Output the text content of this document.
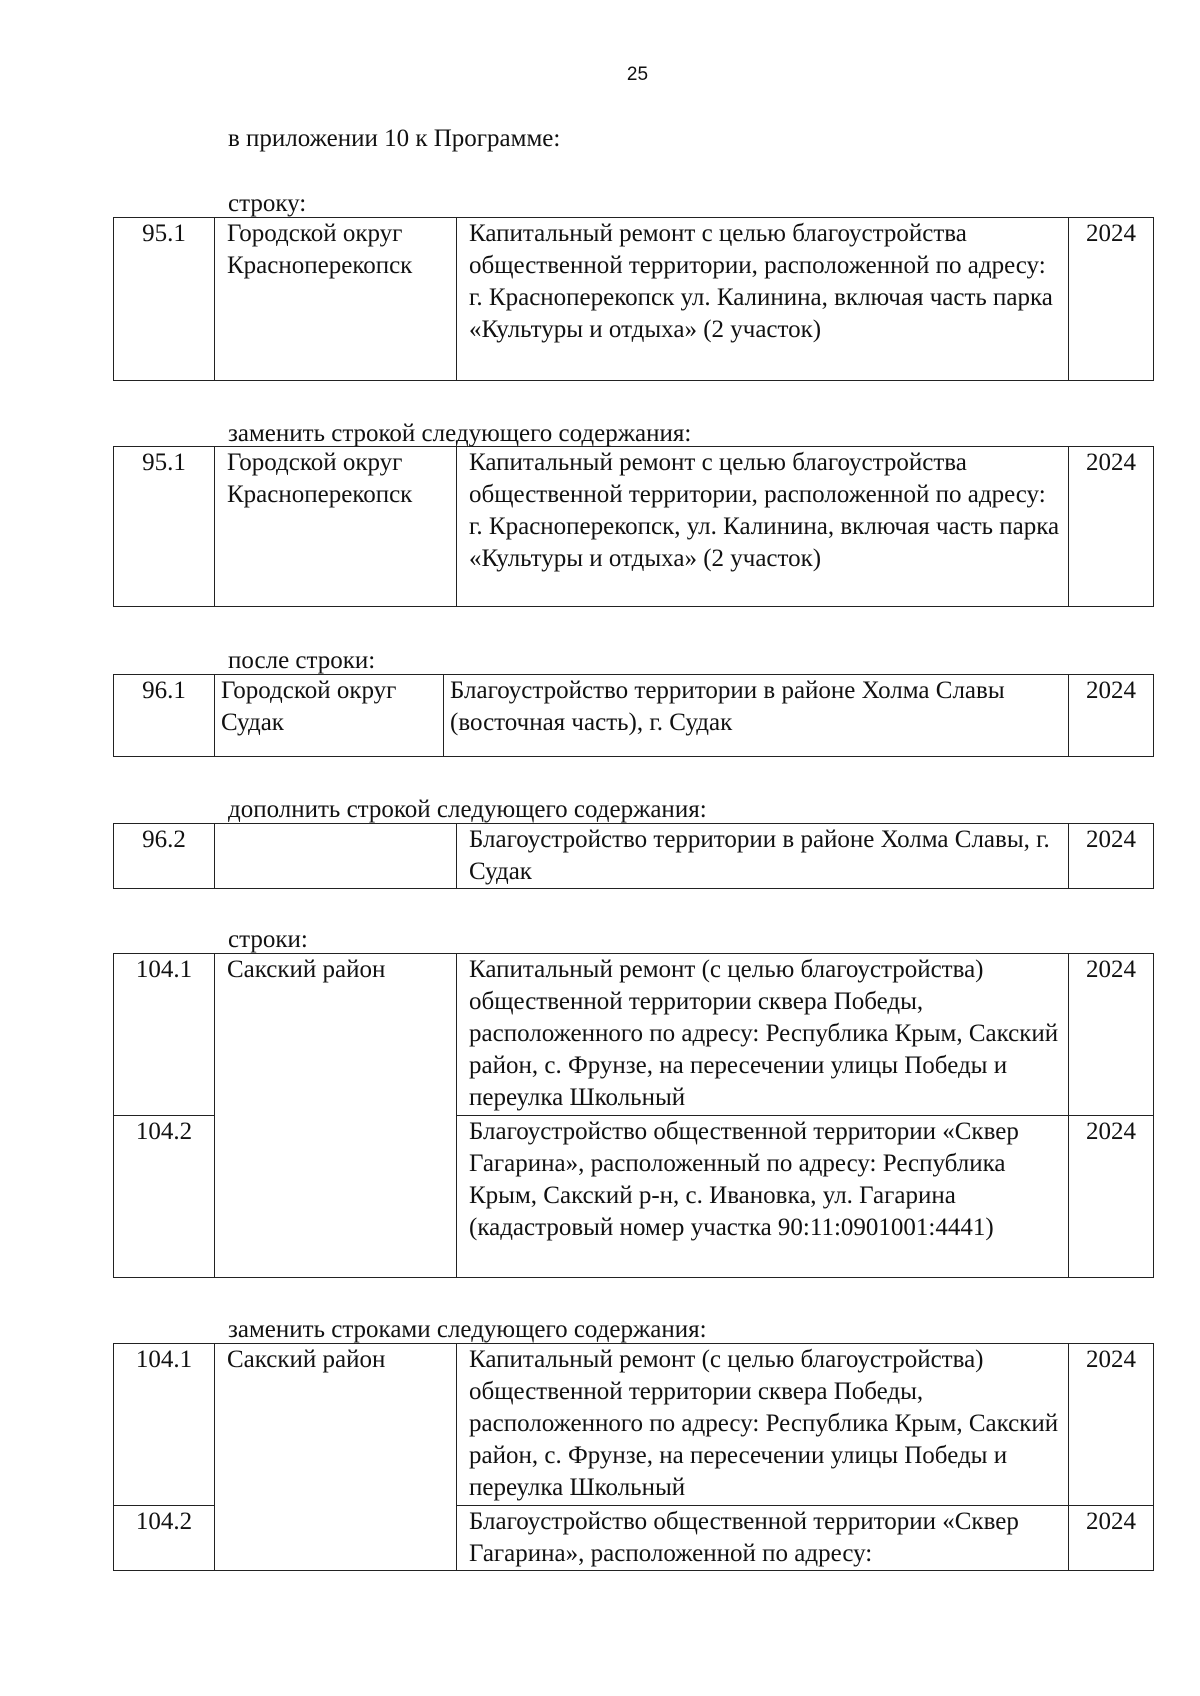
25
в приложении 10 к Программе:
строку:
95.1	Городской округ Красноперекопск	Капитальный ремонт с целью благоустройства общественной территории, расположенной по адресу: г. Красноперекопск ул. Калинина, включая часть парка «Культуры и отдыха» (2 участок)	2024
заменить строкой следующего содержания:
95.1	Городской округ Красноперекопск	Капитальный ремонт с целью благоустройства общественной территории, расположенной по адресу: г. Красноперекопск, ул. Калинина, включая часть парка «Культуры и отдыха» (2 участок)	2024
после строки:
96.1	Городской округ Судак	Благоустройство территории в районе Холма Славы (восточная часть), г. Судак	2024
дополнить строкой следующего содержания:
96.2		Благоустройство территории в районе Холма Славы, г. Судак	2024
строки:
104.1	Сакский район	Капитальный ремонт (с целью благоустройства) общественной территории сквера Победы, расположенного по адресу: Республика Крым, Сакский район, с. Фрунзе, на пересечении улицы Победы и переулка Школьный	2024
104.2		Благоустройство общественной территории «Сквер Гагарина», расположенный по адресу: Республика Крым, Сакский р-н, с. Ивановка, ул. Гагарина (кадастровый номер участка 90:11:0901001:4441)	2024
заменить строками следующего содержания:
104.1	Сакский район	Капитальный ремонт (с целью благоустройства) общественной территории сквера Победы, расположенного по адресу: Республика Крым, Сакский район, с. Фрунзе, на пересечении улицы Победы и переулка Школьный	2024
104.2		Благоустройство общественной территории «Сквер Гагарина», расположенной по адресу:	2024
